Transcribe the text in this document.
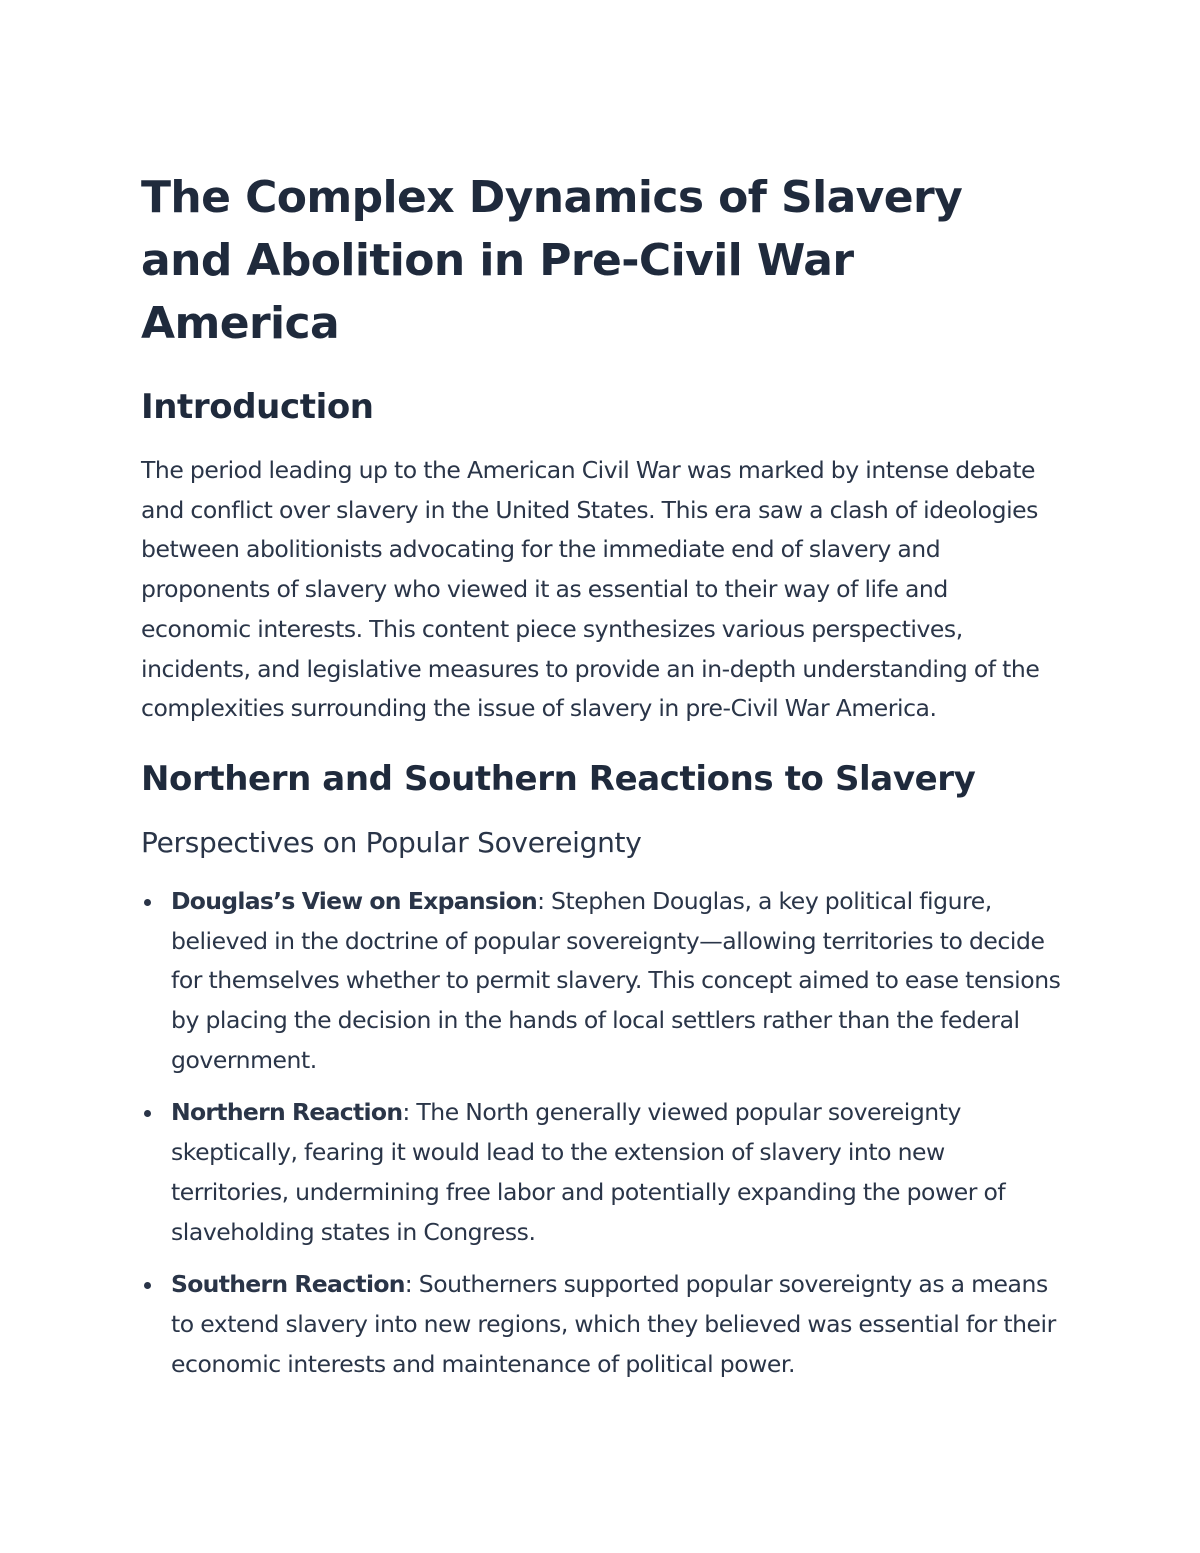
The Complex Dynamics of Slavery and Abolition in Pre-Civil War America
Introduction

The period leading up to the American Civil War was marked by intense debate and conflict over slavery in the United States. This era saw a clash of ideologies between abolitionists advocating for the immediate end of slavery and proponents of slavery who viewed it as essential to their way of life and economic interests. This content piece synthesizes various perspectives, incidents, and legislative measures to provide an in-depth understanding of the complexities surrounding the issue of slavery in pre-Civil War America.

Northern and Southern Reactions to Slavery
Perspectives on Popular Sovereignty
Douglas’s View on Expansion: Stephen Douglas, a key political figure, believed in the doctrine of popular sovereignty—allowing territories to decide for themselves whether to permit slavery. This concept aimed to ease tensions by placing the decision in the hands of local settlers rather than the federal government.
Northern Reaction: The North generally viewed popular sovereignty skeptically, fearing it would lead to the extension of slavery into new territories, undermining free labor and potentially expanding the power of slaveholding states in Congress.
Southern Reaction: Southerners supported popular sovereignty as a means to extend slavery into new regions, which they believed was essential for their economic interests and maintenance of political power.
